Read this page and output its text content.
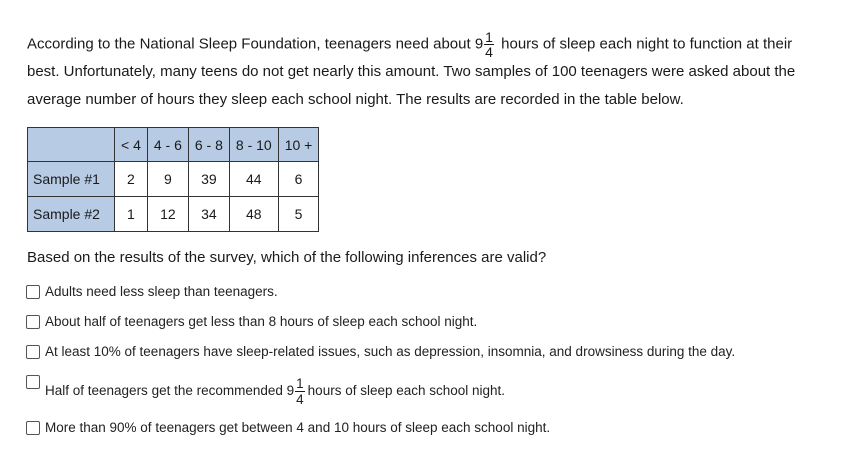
According to the National Sleep Foundation, teenagers need about $9 \frac{1}{4}$ hours of sleep each night to function at their
best. Unfortunately, many teens do not get nearly this amount. Two samples of 100 teenagers were asked about the
average number of hours they sleep each school night. The results are recorded in the table below.
	< 4	4 - 6	6 - 8	8 - 10	10 +
Sample #1	2	9	39	44	6
Sample #2	1	12	34	48	5
Based on the results of the survey, which of the following inferences are valid?
Adults need less sleep than teenagers.
About half of teenagers get less than 8 hours of sleep each school night.
At least 10% of teenagers have sleep-related issues, such as depression, insomnia, and drowsiness during the day.
Half of teenagers get the recommended $9 \frac{1}{4}$ hours of sleep each school night.
More than 90% of teenagers get between 4 and 10 hours of sleep each school night.
